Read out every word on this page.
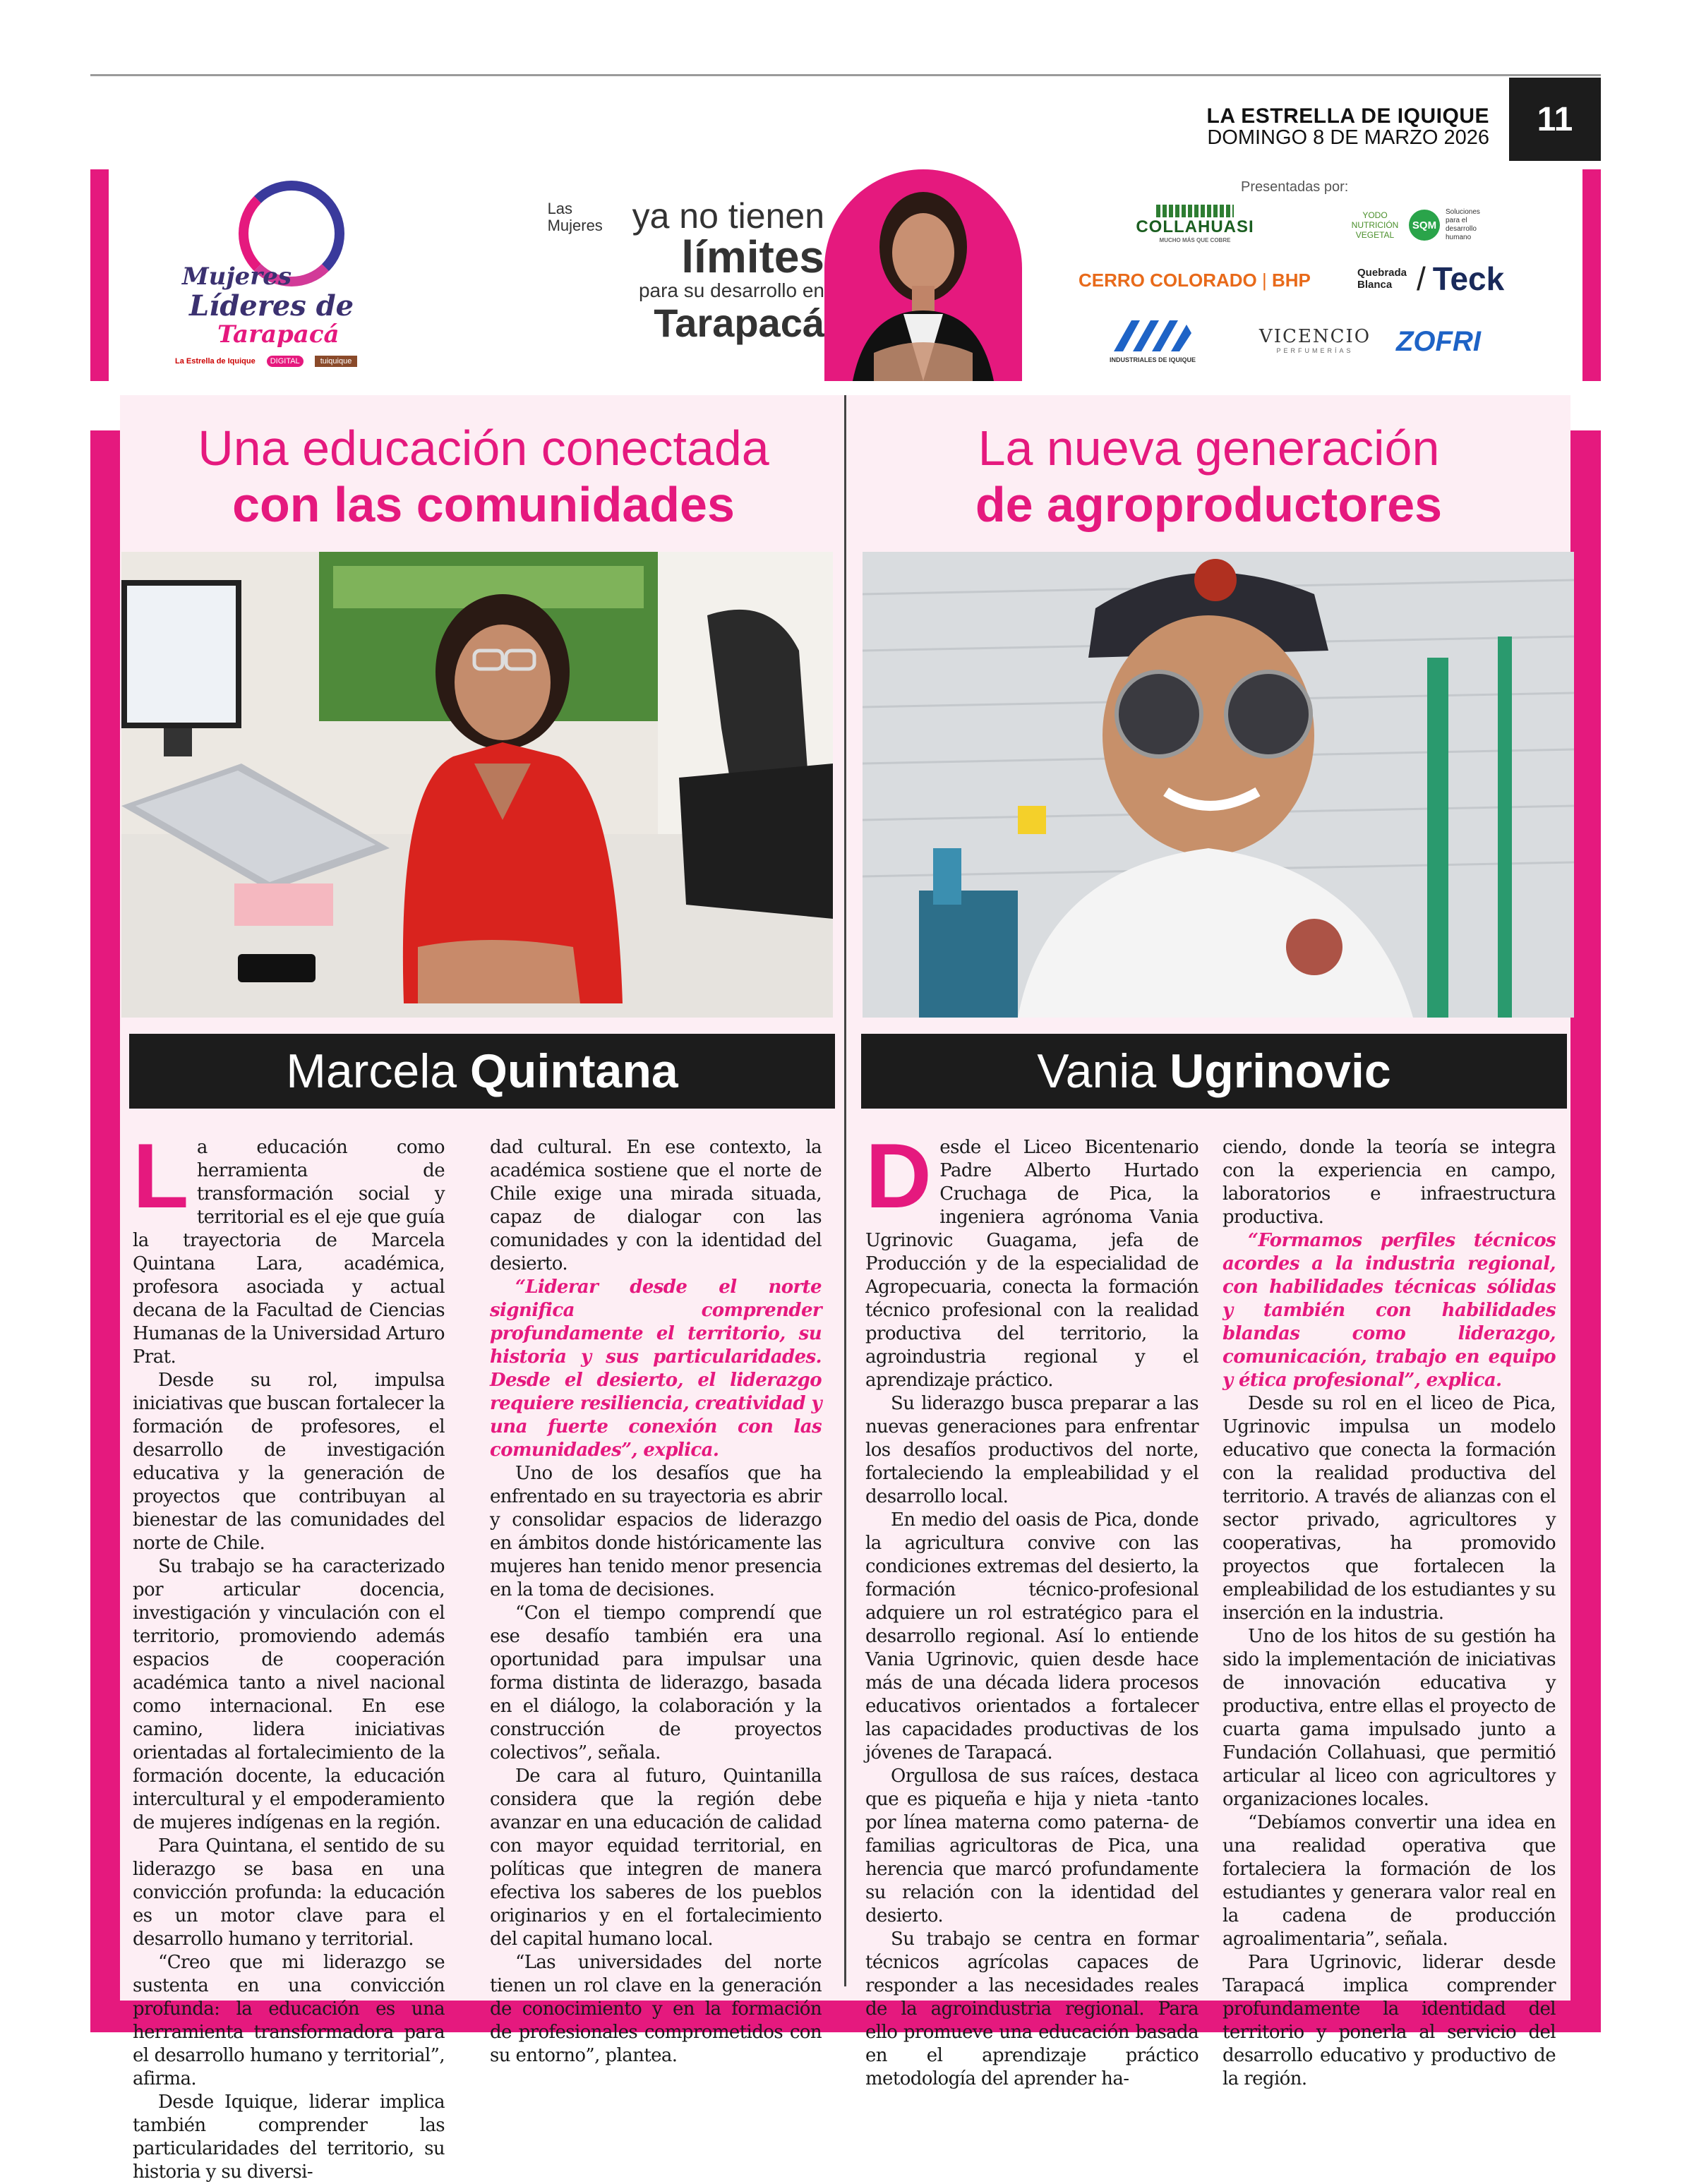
LA ESTRELLA DE IQUIQUE
DOMINGO 8 DE MARZO 2026	11
Mujeres
Líderes de
Tarapacá
La Estrella de Iquique	DIGITAL	tuiquique
Las Mujeres ya no tienen
límites
para su desarrollo en
Tarapacá
Presentadas por:
COLLAHUASI
MUCHO MÁS QUE COBRE
YODO NUTRICIÓN VEGETAL
SQM
Soluciones para el desarrollo humano
CERRO COLORADO | BHP	Quebrada Blanca / Teck
INDUSTRIALES DE IQUIQUE
VICENCIO
PERFUMERÍAS	ZOFRI
Una educación conectada
con las comunidades
La nueva generación
de agroproductores
Marcela Quintana	Vania Ugrinovic

La educación como herramienta de transformación social y territorial es el eje que guía la trayectoria de Marcela Quintana Lara, académica, profesora asociada y actual decana de la Facultad de Ciencias Humanas de la Universidad Arturo Prat.

Desde su rol, impulsa iniciativas que buscan fortalecer la formación de profesores, el desarrollo de investigación educativa y la generación de proyectos que contribuyan al bienestar de las comunidades del norte de Chile.

Su trabajo se ha caracterizado por articular docencia, investigación y vinculación con el territorio, promoviendo además espacios de cooperación académica tanto a nivel nacional como internacional. En ese camino, lidera iniciativas orientadas al fortalecimiento de la formación docente, la educación intercultural y el empoderamiento de mujeres indígenas en la región.

Para Quintana, el sentido de su liderazgo se basa en una convicción profunda: la educación es un motor clave para el desarrollo humano y territorial.

“Creo que mi liderazgo se sustenta en una convicción profunda: la educación es una herramienta transformadora para el desarrollo humano y territorial”, afirma.

Desde Iquique, liderar implica también comprender las particularidades del territorio, su historia y su diversi-

dad cultural. En ese contexto, la académica sostiene que el norte de Chile exige una mirada situada, capaz de dialogar con las comunidades y con la identidad del desierto.

“Liderar desde el norte significa comprender profundamente el territorio, su historia y sus particularidades. Desde el desierto, el liderazgo requiere resiliencia, creatividad y una fuerte conexión con las comunidades”, explica.

Uno de los desafíos que ha enfrentado en su trayectoria es abrir y consolidar espacios de liderazgo en ámbitos donde históricamente las mujeres han tenido menor presencia en la toma de decisiones.

“Con el tiempo comprendí que ese desafío también era una oportunidad para impulsar una forma distinta de liderazgo, basada en el diálogo, la colaboración y la construcción de proyectos colectivos”, señala.

De cara al futuro, Quintanilla considera que la región debe avanzar en una educación de calidad con mayor equidad territorial, en políticas que integren de manera efectiva los saberes de los pueblos originarios y en el fortalecimiento del capital humano local.

“Las universidades del norte tienen un rol clave en la generación de conocimiento y en la formación de profesionales comprometidos con su entorno”, plantea.

Desde el Liceo Bicentenario Padre Alberto Hurtado Cruchaga de Pica, la ingeniera agrónoma Vania Ugrinovic Guagama, jefa de Producción y de la especialidad de Agropecuaria, conecta la formación técnico profesional con la realidad productiva del territorio, la agroindustria regional y el aprendizaje práctico.

Su liderazgo busca preparar a las nuevas generaciones para enfrentar los desafíos productivos del norte, fortaleciendo la empleabilidad y el desarrollo local.

En medio del oasis de Pica, donde la agricultura convive con las condiciones extremas del desierto, la formación técnico-profesional adquiere un rol estratégico para el desarrollo regional. Así lo entiende Vania Ugrinovic, quien desde hace más de una década lidera procesos educativos orientados a fortalecer las capacidades productivas de los jóvenes de Tarapacá.

Orgullosa de sus raíces, destaca que es piqueña e hija y nieta -tanto por línea materna como paterna- de familias agricultoras de Pica, una herencia que marcó profundamente su relación con la identidad del desierto.

Su trabajo se centra en formar técnicos agrícolas capaces de responder a las necesidades reales de la agroindustria regional. Para ello promueve una educación basada en el aprendizaje práctico metodología del aprender ha-

ciendo, donde la teoría se integra con la experiencia en campo, laboratorios e infraestructura productiva.

“Formamos perfiles técnicos acordes a la industria regional, con habilidades técnicas sólidas y también con habilidades blandas como liderazgo, comunicación, trabajo en equipo y ética profesional”, explica.

Desde su rol en el liceo de Pica, Ugrinovic impulsa un modelo educativo que conecta la formación con la realidad productiva del territorio. A través de alianzas con el sector privado, agricultores y cooperativas, ha promovido proyectos que fortalecen la empleabilidad de los estudiantes y su inserción en la industria.

Uno de los hitos de su gestión ha sido la implementación de iniciativas de innovación educativa y productiva, entre ellas el proyecto de cuarta gama impulsado junto a Fundación Collahuasi, que permitió articular al liceo con agricultores y organizaciones locales.

“Debíamos convertir una idea en una realidad operativa que fortaleciera la formación de los estudiantes y generara valor real en la cadena de producción agroalimentaria”, señala.

Para Ugrinovic, liderar desde Tarapacá implica comprender profundamente la identidad del territorio y ponerla al servicio del desarrollo educativo y productivo de la región.
